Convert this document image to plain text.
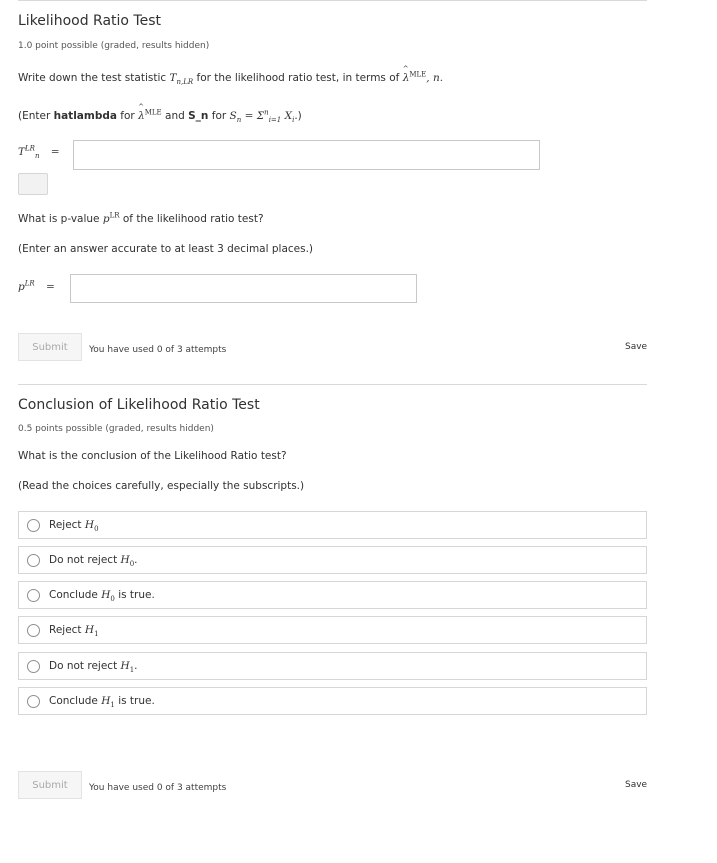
Likelihood Ratio Test
1.0 point possible (graded, results hidden)
Write down the test statistic $T_{n,LR}$ for the likelihood ratio test, in terms of ^ $\lambda^{MLE}$, n.
(Enter hatlambda for ^ $\lambda^{MLE}$ and S_n for $S_n = \Sigma^n_{i=1}$ $X_i$.)
$T^{LR}_n$ =
What is p-value $p^{LR}$ of the likelihood ratio test?
(Enter an answer accurate to at least 3 decimal places.)
$p^{LR}$ =
Submit	You have used 0 of 3 attempts	Save
Conclusion of Likelihood Ratio Test
0.5 points possible (graded, results hidden)
What is the conclusion of the Likelihood Ratio test?
(Read the choices carefully, especially the subscripts.)
Reject $H_0$
Do not reject $H_0$.
Conclude $H_0$ is true.
Reject $H_1$
Do not reject $H_1$.
Conclude $H_1$ is true.
Submit	You have used 0 of 3 attempts	Save
